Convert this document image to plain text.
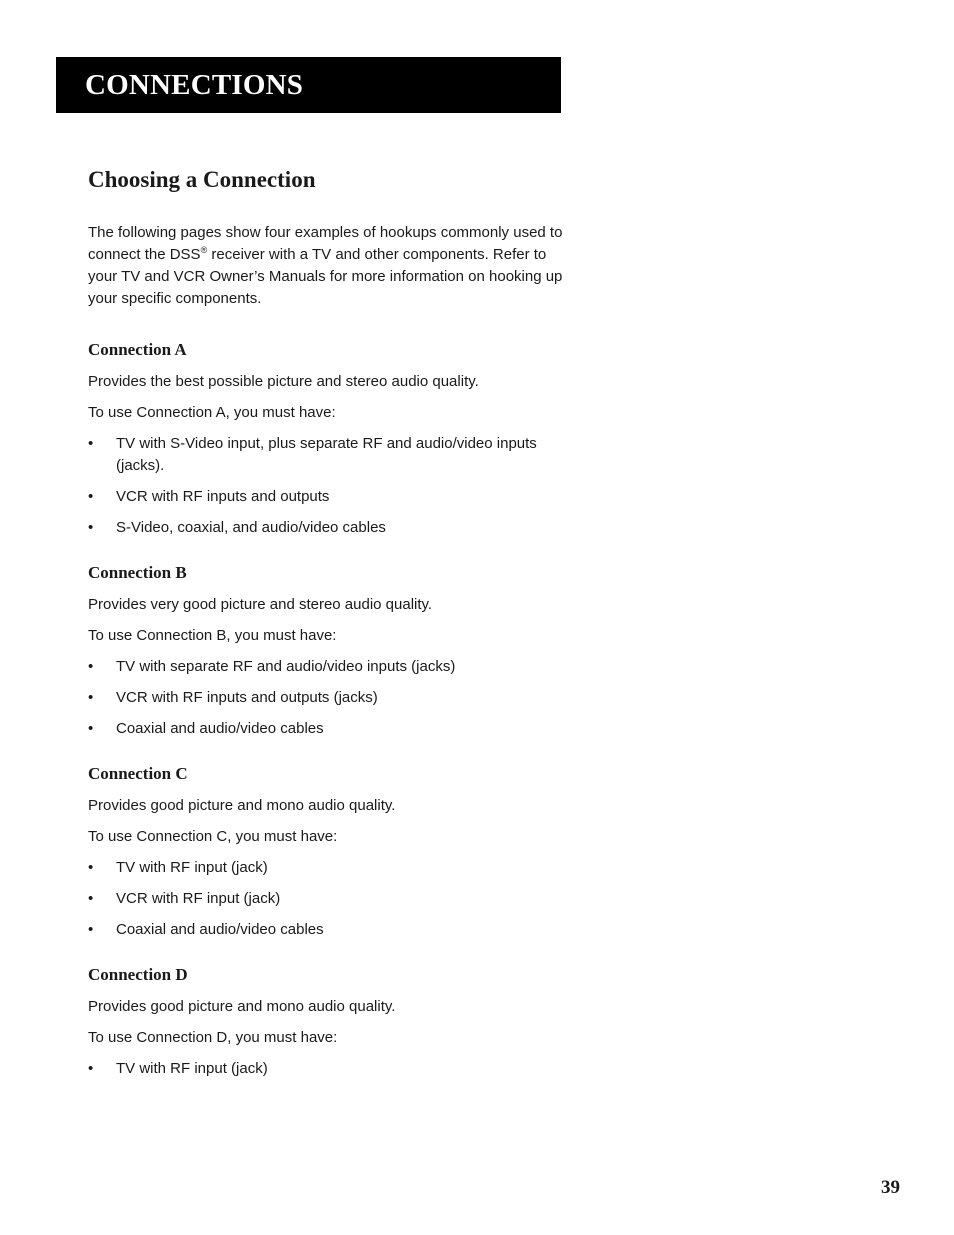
CONNECTIONS
Choosing a Connection

The following pages show four examples of hookups commonly used to connect the DSS® receiver with a TV and other components. Refer to your TV and VCR Owner’s Manuals for more information on hooking up your specific components.

Connection A

Provides the best possible picture and stereo audio quality.

To use Connection A, you must have:

• TV with S-Video input, plus separate RF and audio/video inputs (jacks).
• VCR with RF inputs and outputs
• S-Video, coaxial, and audio/video cables
Connection B

Provides very good picture and stereo audio quality.

To use Connection B, you must have:

• TV with separate RF and audio/video inputs (jacks)
• VCR with RF inputs and outputs (jacks)
• Coaxial and audio/video cables
Connection C

Provides good picture and mono audio quality.

To use Connection C, you must have:

• TV with RF input (jack)
• VCR with RF input (jack)
• Coaxial and audio/video cables
Connection D

Provides good picture and mono audio quality.

To use Connection D, you must have:

• TV with RF input (jack)
39
